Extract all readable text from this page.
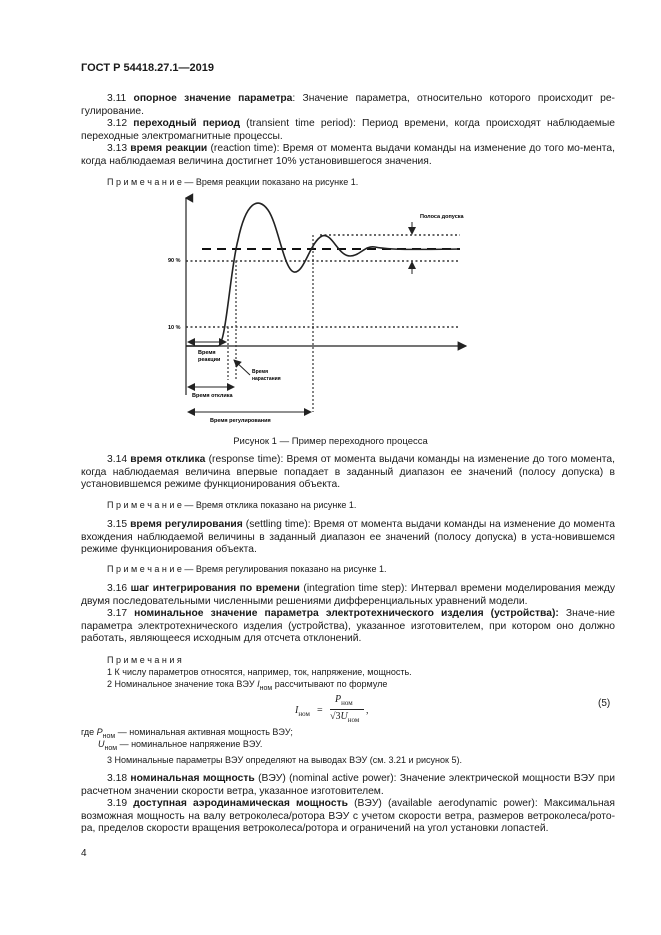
ГОСТ Р 54418.27.1—2019
3.11 опорное значение параметра: Значение параметра, относительно которого происходит ре-гулирование.
3.12 переходный период (transient time period): Период времени, когда происходят наблюдаемые переходные электромагнитные процессы.
3.13 время реакции (reaction time): Время от момента выдачи команды на изменение до того мо-мента, когда наблюдаемая величина достигнет 10% установившегося значения.
П р и м е ч а н и е — Время реакции показано на рисунке 1.
Полоса допуска
90 %
10 %
Время реакции
Время нарастания
Время отклика
Время регулирования
Рисунок 1 — Пример переходного процесса
3.14 время отклика (response time): Время от момента выдачи команды на изменение до того момента, когда наблюдаемая величина впервые попадает в заданный диапазон ее значений (полосу допуска) в установившемся режиме функционирования объекта.
П р и м е ч а н и е — Время отклика показано на рисунке 1.
3.15 время регулирования (settling time): Время от момента выдачи команды на изменение до момента вхождения наблюдаемой величины в заданный диапазон ее значений (полосу допуска) в уста-новившемся режиме функционирования объекта.
П р и м е ч а н и е — Время регулирования показано на рисунке 1.
3.16 шаг интегрирования по времени (integration time step): Интервал времени моделирования между двумя последовательными численными решениями дифференциальных уравнений модели.
3.17 номинальное значение параметра электротехнического изделия (устройства): Значе-ние параметра электротехнического изделия (устройства), указанное изготовителем, при котором оно должно работать, являющееся исходным для отсчета отклонений.
П р и м е ч а н и я
1 К числу параметров относятся, например, ток, напряжение, мощность.
2 Номинальное значение тока ВЭУ $I_{ном}$ рассчитывают по формуле
$I_{ном}$ =
$P_{ном}$
$√3U_{ном}$
,
(5)
где $P_{ном}$ — номинальная активная мощность ВЭУ;
$U_{ном}$ — номинальное напряжение ВЭУ.
3 Номинальные параметры ВЭУ определяют на выводах ВЭУ (см. 3.21 и рисунок 5).
3.18 номинальная мощность (ВЭУ) (nominal active power): Значение электрической мощности ВЭУ при расчетном значении скорости ветра, указанное изготовителем.
3.19 доступная аэродинамическая мощность (ВЭУ) (available aerodynamic power): Максимальная возможная мощность на валу ветроколеса/ротора ВЭУ с учетом скорости ветра, размеров ветроколеса/рото-ра, пределов скорости вращения ветроколеса/ротора и ограничений на угол установки лопастей.
4
